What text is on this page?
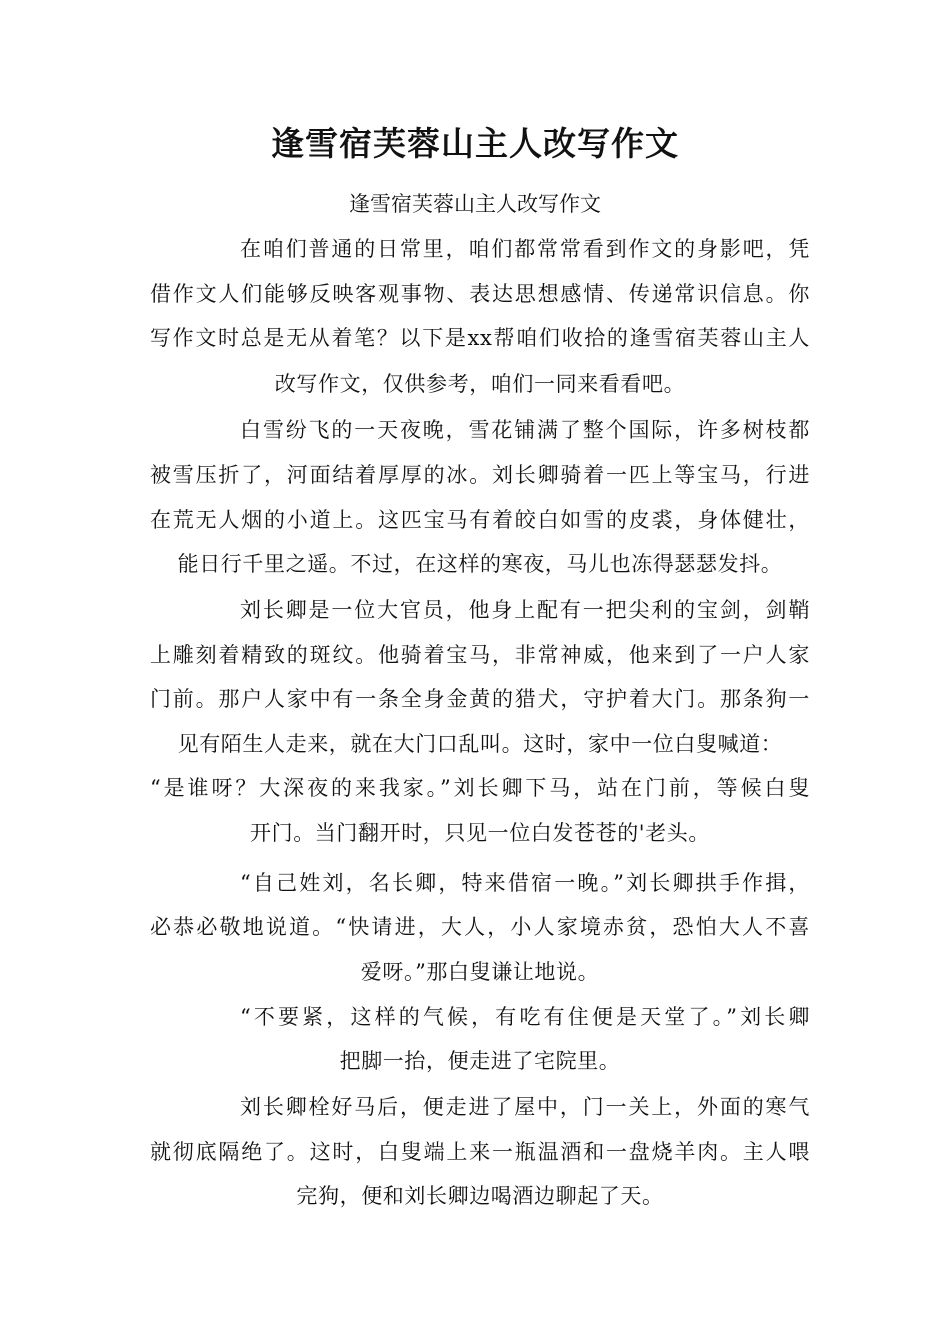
逢雪宿芙蓉山主人改写作文

逢雪宿芙蓉山主人改写作文

在咱们普通的日常里，咱们都常常看到作文的身影吧，凭

借作文人们能够反映客观事物、表达思想感情、传递常识信息。你

写作文时总是无从着笔？以下是xx帮咱们收拾的逢雪宿芙蓉山主人

改写作文，仅供参考，咱们一同来看看吧。

白雪纷飞的一天夜晚，雪花铺满了整个国际，许多树枝都

被雪压折了，河面结着厚厚的冰。刘长卿骑着一匹上等宝马，行进

在荒无人烟的小道上。这匹宝马有着皎白如雪的皮裘，身体健壮，

能日行千里之遥。不过，在这样的寒夜，马儿也冻得瑟瑟发抖。

刘长卿是一位大官员，他身上配有一把尖利的宝剑，剑鞘

上雕刻着精致的斑纹。他骑着宝马，非常神威，他来到了一户人家

门前。那户人家中有一条全身金黄的猎犬，守护着大门。那条狗一

见有陌生人走来，就在大门口乱叫。这时，家中一位白叟喊道：

“是谁呀？大深夜的来我家。”刘长卿下马，站在门前，等候白叟

开门。当门翻开时，只见一位白发苍苍的'老头。

“自己姓刘，名长卿，特来借宿一晚。”刘长卿拱手作揖，

必恭必敬地说道。“快请进，大人，小人家境赤贫，恐怕大人不喜

爱呀。”那白叟谦让地说。

“不要紧，这样的气候，有吃有住便是天堂了。”刘长卿

把脚一抬，便走进了宅院里。

刘长卿栓好马后，便走进了屋中，门一关上，外面的寒气

就彻底隔绝了。这时，白叟端上来一瓶温酒和一盘烧羊肉。主人喂

完狗，便和刘长卿边喝酒边聊起了天。
